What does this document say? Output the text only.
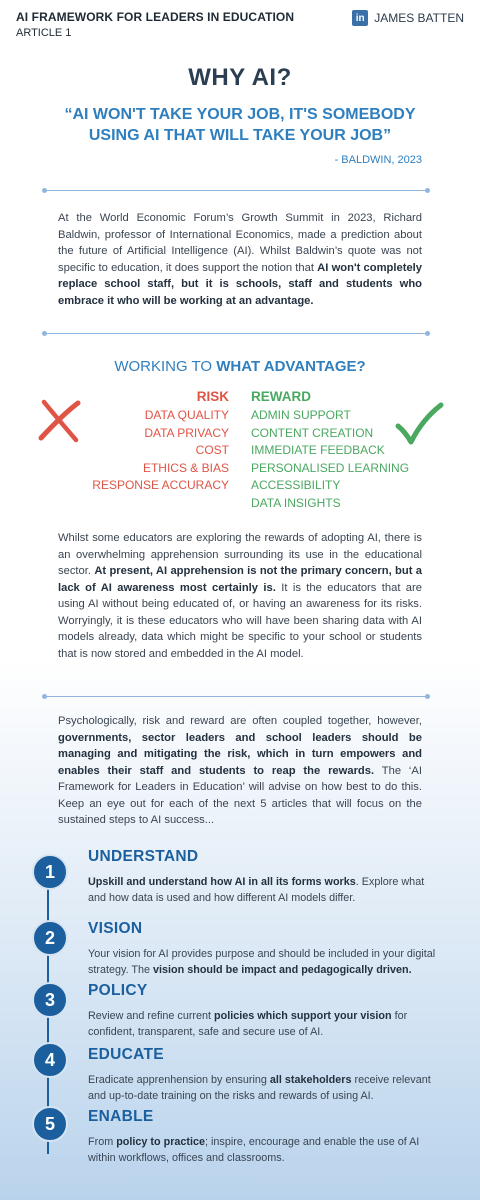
AI FRAMEWORK FOR LEADERS IN EDUCATION
ARTICLE 1
in JAMES BATTEN
WHY AI?
“AI WON'T TAKE YOUR JOB, IT'S SOMEBODY USING AI THAT WILL TAKE YOUR JOB”
- BALDWIN, 2023
At the World Economic Forum’s Growth Summit in 2023, Richard Baldwin, professor of International Economics, made a prediction about the future of Artificial Intelligence (AI). Whilst Baldwin’s quote was not specific to education, it does support the notion that AI won't completely replace school staff, but it is schools, staff and students who embrace it who will be working at an advantage.
WORKING TO WHAT ADVANTAGE?
RISK
DATA QUALITY
DATA PRIVACY
COST
ETHICS & BIAS
RESPONSE ACCURACY
REWARD
ADMIN SUPPORT
CONTENT CREATION
IMMEDIATE FEEDBACK
PERSONALISED LEARNING
ACCESSIBILITY
DATA INSIGHTS
Whilst some educators are exploring the rewards of adopting AI, there is an overwhelming apprehension surrounding its use in the educational sector. At present, AI apprehension is not the primary concern, but a lack of AI awareness most certainly is. It is the educators that are using AI without being educated of, or having an awareness for its risks. Worryingly, it is these educators who will have been sharing data with AI models already, data which might be specific to your school or students that is now stored and embedded in the AI model.
Psychologically, risk and reward are often coupled together, however, governments, sector leaders and school leaders should be managing and mitigating the risk, which in turn empowers and enables their staff and students to reap the rewards. The ‘AI Framework for Leaders in Education’ will advise on how best to do this. Keep an eye out for each of the next 5 articles that will focus on the sustained steps to AI success...
1
UNDERSTAND
Upskill and understand how AI in all its forms works. Explore what and how data is used and how different AI models differ.
2	VISION
Your vision for AI provides purpose and should be included in your digital strategy. The vision should be impact and pedagogically driven.
3	POLICY
Review and refine current policies which support your vision for confident, transparent, safe and secure use of AI.
4	EDUCATE
Eradicate apprenhension by ensuring all stakeholders receive relevant and up-to-date training on the risks and rewards of using AI.
5	ENABLE
From policy to practice; inspire, encourage and enable the use of AI within workflows, offices and classrooms.
